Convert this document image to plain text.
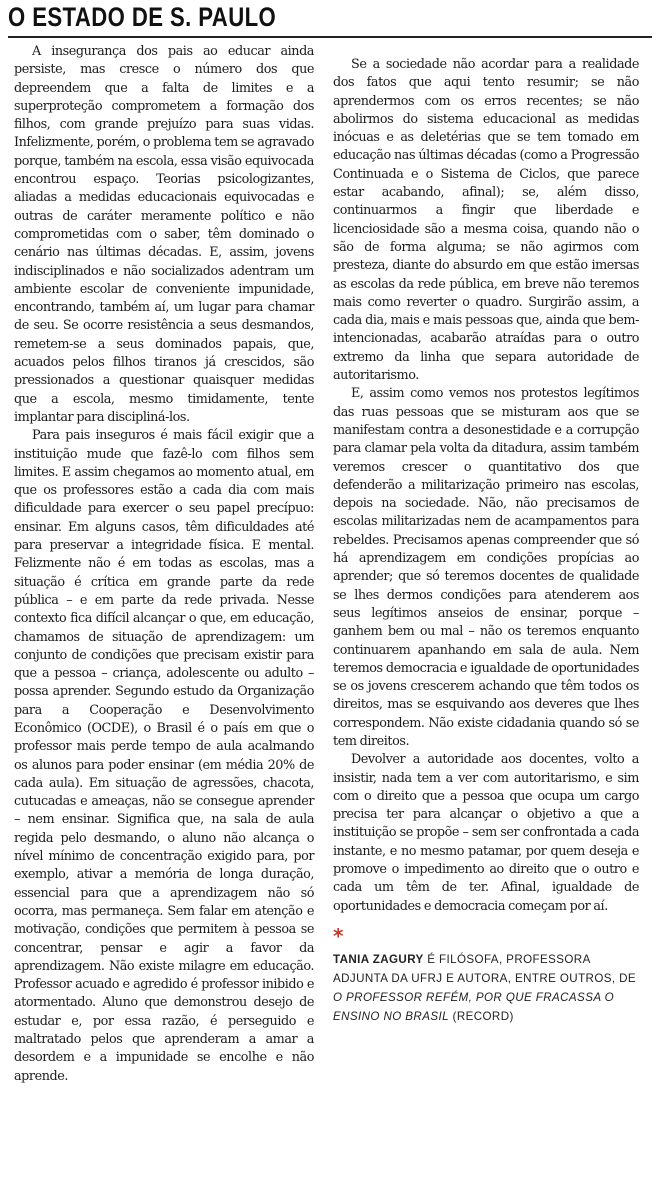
O ESTADO DE S. PAULO

A insegurança dos pais ao educar ainda persiste, mas cresce o número dos que depreendem que a falta de limites e a superproteção comprometem a formação dos filhos, com grande prejuízo para suas vidas. Infelizmente, porém, o problema tem se agravado porque, também na escola, essa visão equivocada encontrou espaço. Teorias psicologizantes, aliadas a medidas educacionais equivocadas e outras de caráter meramente político e não comprometidas com o saber, têm dominado o cenário nas últimas décadas. E, assim, jovens indisciplinados e não socializados adentram um ambiente escolar de conveniente impunidade, encontrando, também aí, um lugar para chamar de seu. Se ocorre resistência a seus desmandos, remetem-se a seus dominados papais, que, acuados pelos filhos tiranos já crescidos, são pressionados a questionar quaisquer medidas que a escola, mesmo timidamente, tente implantar para discipliná-los.

Para pais inseguros é mais fácil exigir que a instituição mude que fazê-lo com filhos sem limites. E assim chegamos ao momento atual, em que os professores estão a cada dia com mais dificuldade para exercer o seu papel precípuo: ensinar. Em alguns casos, têm dificuldades até para preservar a integridade física. E mental. Felizmente não é em todas as escolas, mas a situação é crítica em grande parte da rede pública – e em parte da rede privada. Nesse contexto fica difícil alcançar o que, em educação, chamamos de situação de aprendizagem: um conjunto de condições que precisam existir para que a pessoa – criança, adolescente ou adulto – possa aprender. Segundo estudo da Organização para a Cooperação e Desenvolvimento Econômico (OCDE), o Brasil é o país em que o professor mais perde tempo de aula acalmando os alunos para poder ensinar (em média 20% de cada aula). Em situação de agressões, chacota, cutucadas e ameaças, não se consegue aprender – nem ensinar. Significa que, na sala de aula regida pelo desmando, o aluno não alcança o nível mínimo de concentração exigido para, por exemplo, ativar a memória de longa duração, essencial para que a aprendizagem não só ocorra, mas permaneça. Sem falar em atenção e motivação, condições que permitem à pessoa se concentrar, pensar e agir a favor da aprendizagem. Não existe milagre em educação. Professor acuado e agredido é professor inibido e atormentado. Aluno que demonstrou desejo de estudar e, por essa razão, é perseguido e maltratado pelos que aprenderam a amar a desordem e a impunidade se encolhe e não aprende.

Se a sociedade não acordar para a realidade dos fatos que aqui tento resumir; se não aprendermos com os erros recentes; se não abolirmos do sistema educacional as medidas inócuas e as deletérias que se tem tomado em educação nas últimas décadas (como a Progressão Continuada e o Sistema de Ciclos, que parece estar acabando, afinal); se, além disso, continuarmos a fingir que liberdade e licenciosidade são a mesma coisa, quando não o são de forma alguma; se não agirmos com presteza, diante do absurdo em que estão imersas as escolas da rede pública, em breve não teremos mais como reverter o quadro. Surgirão assim, a cada dia, mais e mais pessoas que, ainda que bem-intencionadas, acabarão atraídas para o outro extremo da linha que separa autoridade de autoritarismo.

E, assim como vemos nos protestos legítimos das ruas pessoas que se misturam aos que se manifestam contra a desonestidade e a corrupção para clamar pela volta da ditadura, assim também veremos crescer o quantitativo dos que defenderão a militarização primeiro nas escolas, depois na sociedade. Não, não precisamos de escolas militarizadas nem de acampamentos para rebeldes. Precisamos apenas compreender que só há aprendizagem em condições propícias ao aprender; que só teremos docentes de qualidade se lhes dermos condições para atenderem aos seus legítimos anseios de ensinar, porque – ganhem bem ou mal – não os teremos enquanto continuarem apanhando em sala de aula. Nem teremos democracia e igualdade de oportunidades se os jovens crescerem achando que têm todos os direitos, mas se esquivando aos deveres que lhes correspondem. Não existe cidadania quando só se tem direitos.

Devolver a autoridade aos docentes, volto a insistir, nada tem a ver com autoritarismo, e sim com o direito que a pessoa que ocupa um cargo precisa ter para alcançar o objetivo a que a instituição se propõe – sem ser confrontada a cada instante, e no mesmo patamar, por quem deseja e promove o impedimento ao direito que o outro e cada um têm de ter. Afinal, igualdade de oportunidades e democracia começam por aí.

*
TANIA ZAGURY É FILÓSOFA, PROFESSORA ADJUNTA DA UFRJ E AUTORA, ENTRE OUTROS, DE O PROFESSOR REFÉM, POR QUE FRACASSA O ENSINO NO BRASIL (RECORD)
